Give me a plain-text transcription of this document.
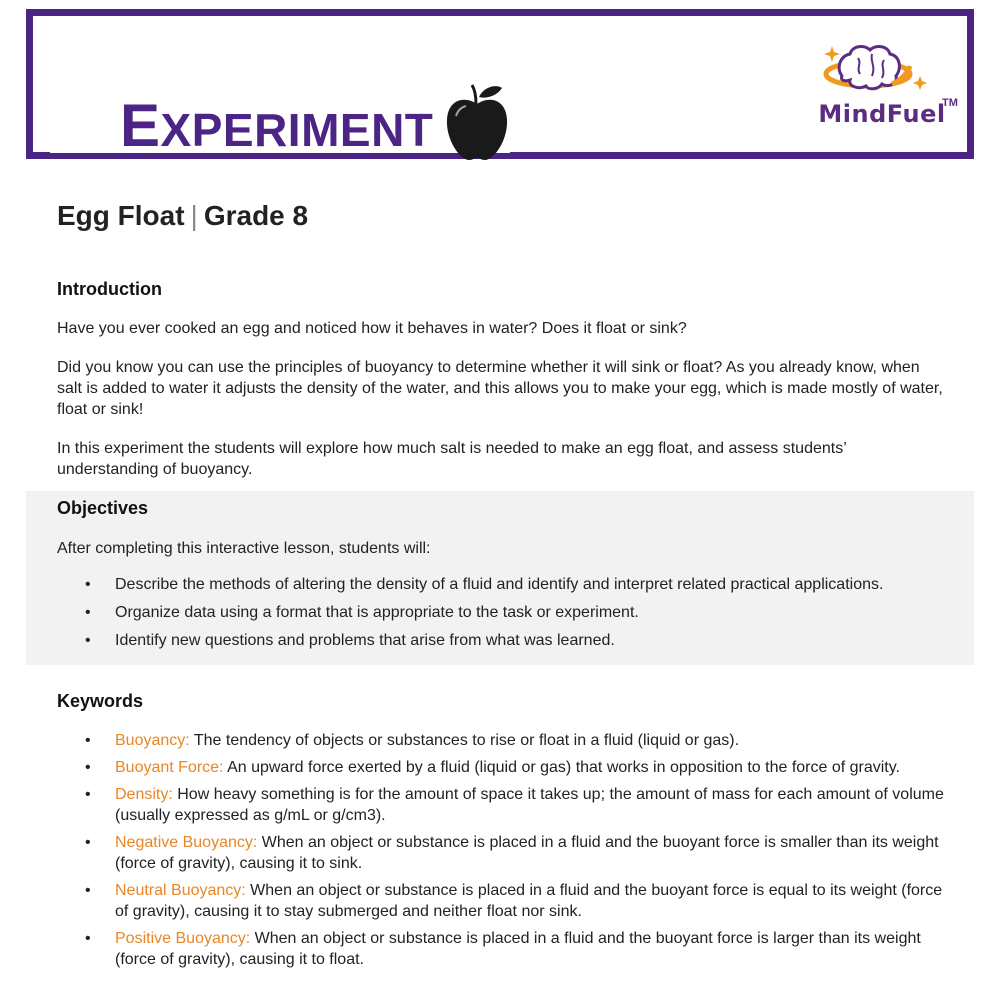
EXPERIMENT	MindFuel
TM
Egg Float | Grade 8
Introduction
Have you ever cooked an egg and noticed how it behaves in water? Does it float or sink?
Did you know you can use the principles of buoyancy to determine whether it will sink or float? As you already know, when salt is added to water it adjusts the density of the water, and this allows you to make your egg, which is made mostly of water, float or sink!
In this experiment the students will explore how much salt is needed to make an egg float, and assess students’ understanding of buoyancy.
Objectives
After completing this interactive lesson, students will:
• Describe the methods of altering the density of a fluid and identify and interpret related practical applications.
• Organize data using a format that is appropriate to the task or experiment.
• Identify new questions and problems that arise from what was learned.
Keywords
• Buoyancy: The tendency of objects or substances to rise or float in a fluid (liquid or gas).
• Buoyant Force: An upward force exerted by a fluid (liquid or gas) that works in opposition to the force of gravity.
• Density: How heavy something is for the amount of space it takes up; the amount of mass for each amount of volume (usually expressed as g/mL or g/cm3).
• Negative Buoyancy: When an object or substance is placed in a fluid and the buoyant force is smaller than its weight (force of gravity), causing it to sink.
• Neutral Buoyancy: When an object or substance is placed in a fluid and the buoyant force is equal to its weight (force of gravity), causing it to stay submerged and neither float nor sink.
• Positive Buoyancy: When an object or substance is placed in a fluid and the buoyant force is larger than its weight (force of gravity), causing it to float.
